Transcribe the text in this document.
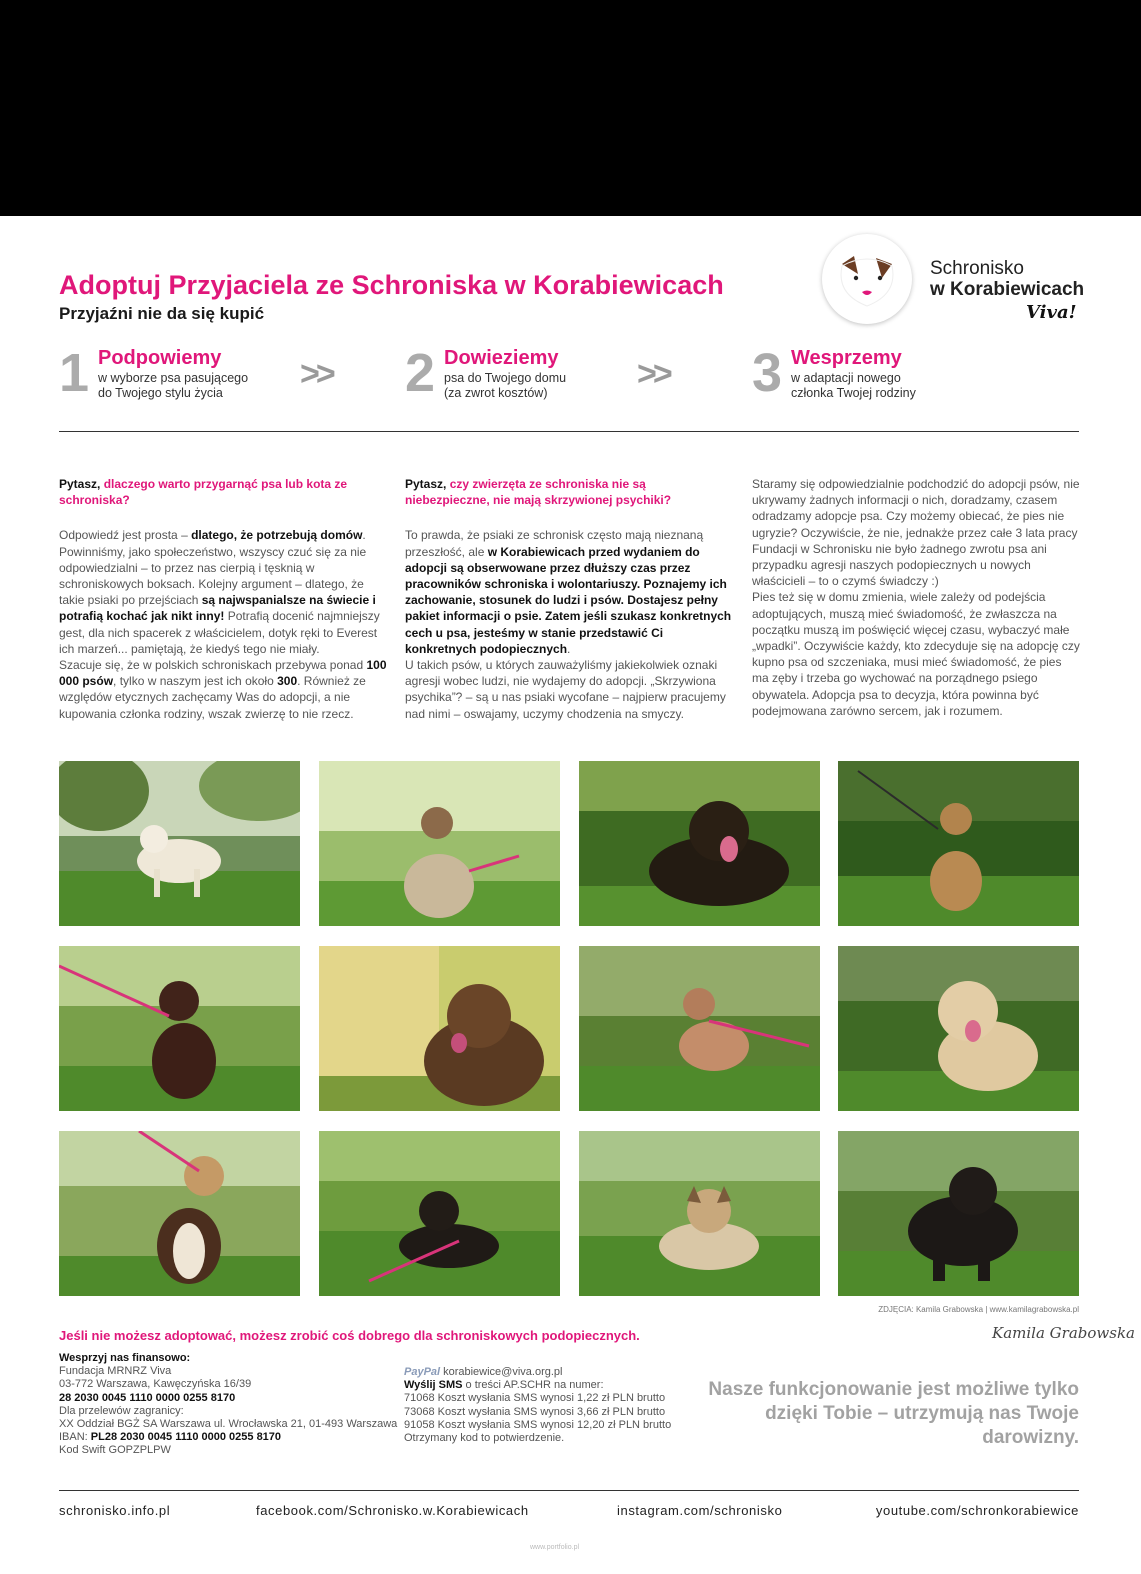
Adoptuj Przyjaciela ze Schroniska w Korabiewicach
Przyjaźni nie da się kupić
Schronisko
w Korabiewicach
Viva!
1 Podpowiemy
w wyborze psa pasującego
do Twojego stylu życia	>> 2 Dowieziemy
psa do Twojego domu
(za zwrot kosztów)	>> 3 Wesprzemy
w adaptacji nowego
członka Twojej rodziny
Pytasz, dlaczego warto przygarnąć psa lub kota ze schroniska?

Odpowiedź jest prosta – dlatego, że potrzebują domów. Powinniśmy, jako społeczeństwo, wszyscy czuć się za nie odpowiedzialni – to przez nas cierpią i tęsknią w schroniskowych boksach. Kolejny argument – dlatego, że takie psiaki po przejściach są najwspanialsze na świecie i potrafią kochać jak nikt inny! Potrafią docenić najmniejszy gest, dla nich spacerek z właścicielem, dotyk ręki to Everest ich marzeń... pamiętają, że kiedyś tego nie miały.

Szacuje się, że w polskich schroniskach przebywa ponad 100 000 psów, tylko w naszym jest ich około 300. Również ze względów etycznych zachęcamy Was do adopcji, a nie kupowania członka rodziny, wszak zwierzę to nie rzecz.

Pytasz, czy zwierzęta ze schroniska nie są niebezpieczne, nie mają skrzywionej psychiki?

To prawda, że psiaki ze schronisk często mają nieznaną przeszłość, ale w Korabiewicach przed wydaniem do adopcji są obserwowane przez dłuższy czas przez pracowników schroniska i wolontariuszy. Poznajemy ich zachowanie, stosunek do ludzi i psów. Dostajesz pełny pakiet informacji o psie. Zatem jeśli szukasz konkretnych cech u psa, jesteśmy w stanie przedstawić Ci konkretnych podopiecznych.

U takich psów, u których zauważyliśmy jakiekolwiek oznaki agresji wobec ludzi, nie wydajemy do adopcji. „Skrzywiona psychika”? – są u nas psiaki wycofane – najpierw pracujemy nad nimi – oswajamy, uczymy chodzenia na smyczy.

Staramy się odpowiedzialnie podchodzić do adopcji psów, nie ukrywamy żadnych informacji o nich, doradzamy, czasem odradzamy adopcje psa. Czy możemy obiecać, że pies nie ugryzie? Oczywiście, że nie, jednakże przez całe 3 lata pracy Fundacji w Schronisku nie było żadnego zwrotu psa ani przypadku agresji naszych podopiecznych u nowych właścicieli – to o czymś świadczy :)

Pies też się w domu zmienia, wiele zależy od podejścia adoptujących, muszą mieć świadomość, że zwłaszcza na początku muszą im poświęcić więcej czasu, wybaczyć małe „wpadki”. Oczywiście każdy, kto zdecyduje się na adopcję czy kupno psa od szczeniaka, musi mieć świadomość, że pies ma zęby i trzeba go wychować na porządnego psiego obywatela. Adopcja psa to decyzja, która powinna być podejmowana zarówno sercem, jak i rozumem.

ZDJĘCIA: Kamila Grabowska | www.kamilagrabowska.pl
Kamila Grabowska
Jeśli nie możesz adoptować, możesz zrobić coś dobrego dla schroniskowych podopiecznych.
Wesprzyj nas finansowo:
Fundacja MRNRZ Viva
03-772 Warszawa, Kawęczyńska 16/39
28 2030 0045 1110 0000 0255 8170
Dla przelewów zagranicy:
XX Oddział BGŻ SA Warszawa ul. Wrocławska 21, 01-493 Warszawa
IBAN: PL28 2030 0045 1110 0000 0255 8170
Kod Swift GOPZPLPW
PayPal korabiewice@viva.org.pl
Wyślij SMS o treści AP.SCHR na numer:
71068 Koszt wysłania SMS wynosi 1,22 zł PLN brutto
73068 Koszt wysłania SMS wynosi 3,66 zł PLN brutto
91058 Koszt wysłania SMS wynosi 12,20 zł PLN brutto
Otrzymany kod to potwierdzenie.
Nasze funkcjonowanie jest możliwe tylko dzięki Tobie – utrzymują nas Twoje darowizny.
schronisko.info.pl	facebook.com/Schronisko.w.Korabiewicach	instagram.com/schronisko	youtube.com/schronkorabiewice
www.portfolio.pl
